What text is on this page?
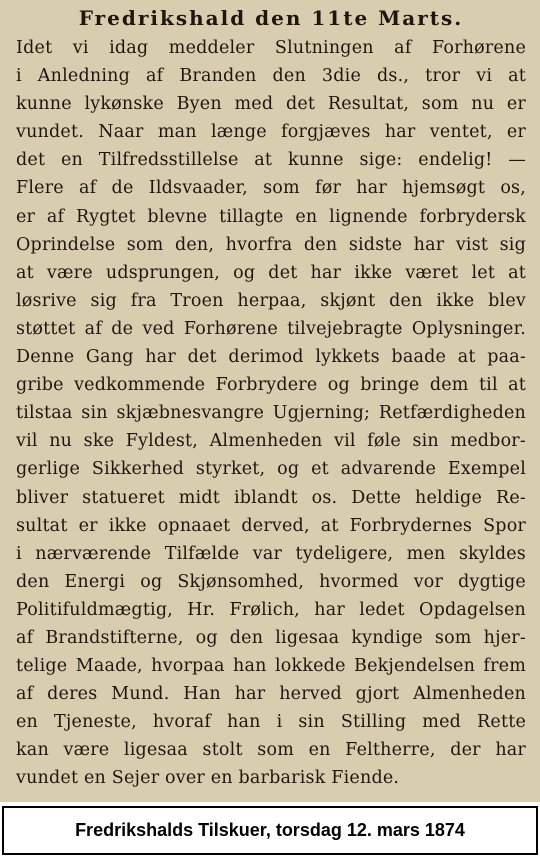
Fredrikshald den 11te Marts.
Idet vi idag meddeler Slutningen af Forhørene
i Anledning af Branden den 3die ds., tror vi at
kunne lykønske Byen med det Resultat, som nu er
vundet. Naar man længe forgjæves har ventet, er
det en Tilfredsstillelse at kunne sige: endelig! —
Flere af de Ildsvaader, som før har hjemsøgt os,
er af Rygtet blevne tillagte en lignende forbrydersk
Oprindelse som den, hvorfra den sidste har vist sig
at være udsprungen, og det har ikke været let at
løsrive sig fra Troen herpaa, skjønt den ikke blev
støttet af de ved Forhørene tilvejebragte Oplysninger.
Denne Gang har det derimod lykkets baade at paa-
gribe vedkommende Forbrydere og bringe dem til at
tilstaa sin skjæbnesvangre Ugjerning; Retfærdigheden
vil nu ske Fyldest, Almenheden vil føle sin medbor-
gerlige Sikkerhed styrket, og et advarende Exempel
bliver statueret midt iblandt os. Dette heldige Re-
sultat er ikke opnaaet derved, at Forbrydernes Spor
i nærværende Tilfælde var tydeligere, men skyldes
den Energi og Skjønsomhed, hvormed vor dygtige
Politifuldmægtig, Hr. Frølich, har ledet Opdagelsen
af Brandstifterne, og den ligesaa kyndige som hjer-
telige Maade, hvorpaa han lokkede Bekjendelsen frem
af deres Mund. Han har herved gjort Almenheden
en Tjeneste, hvoraf han i sin Stilling med Rette
kan være ligesaa stolt som en Feltherre, der har
vundet en Sejer over en barbarisk Fiende.
Fredrikshalds Tilskuer, torsdag 12. mars 1874
